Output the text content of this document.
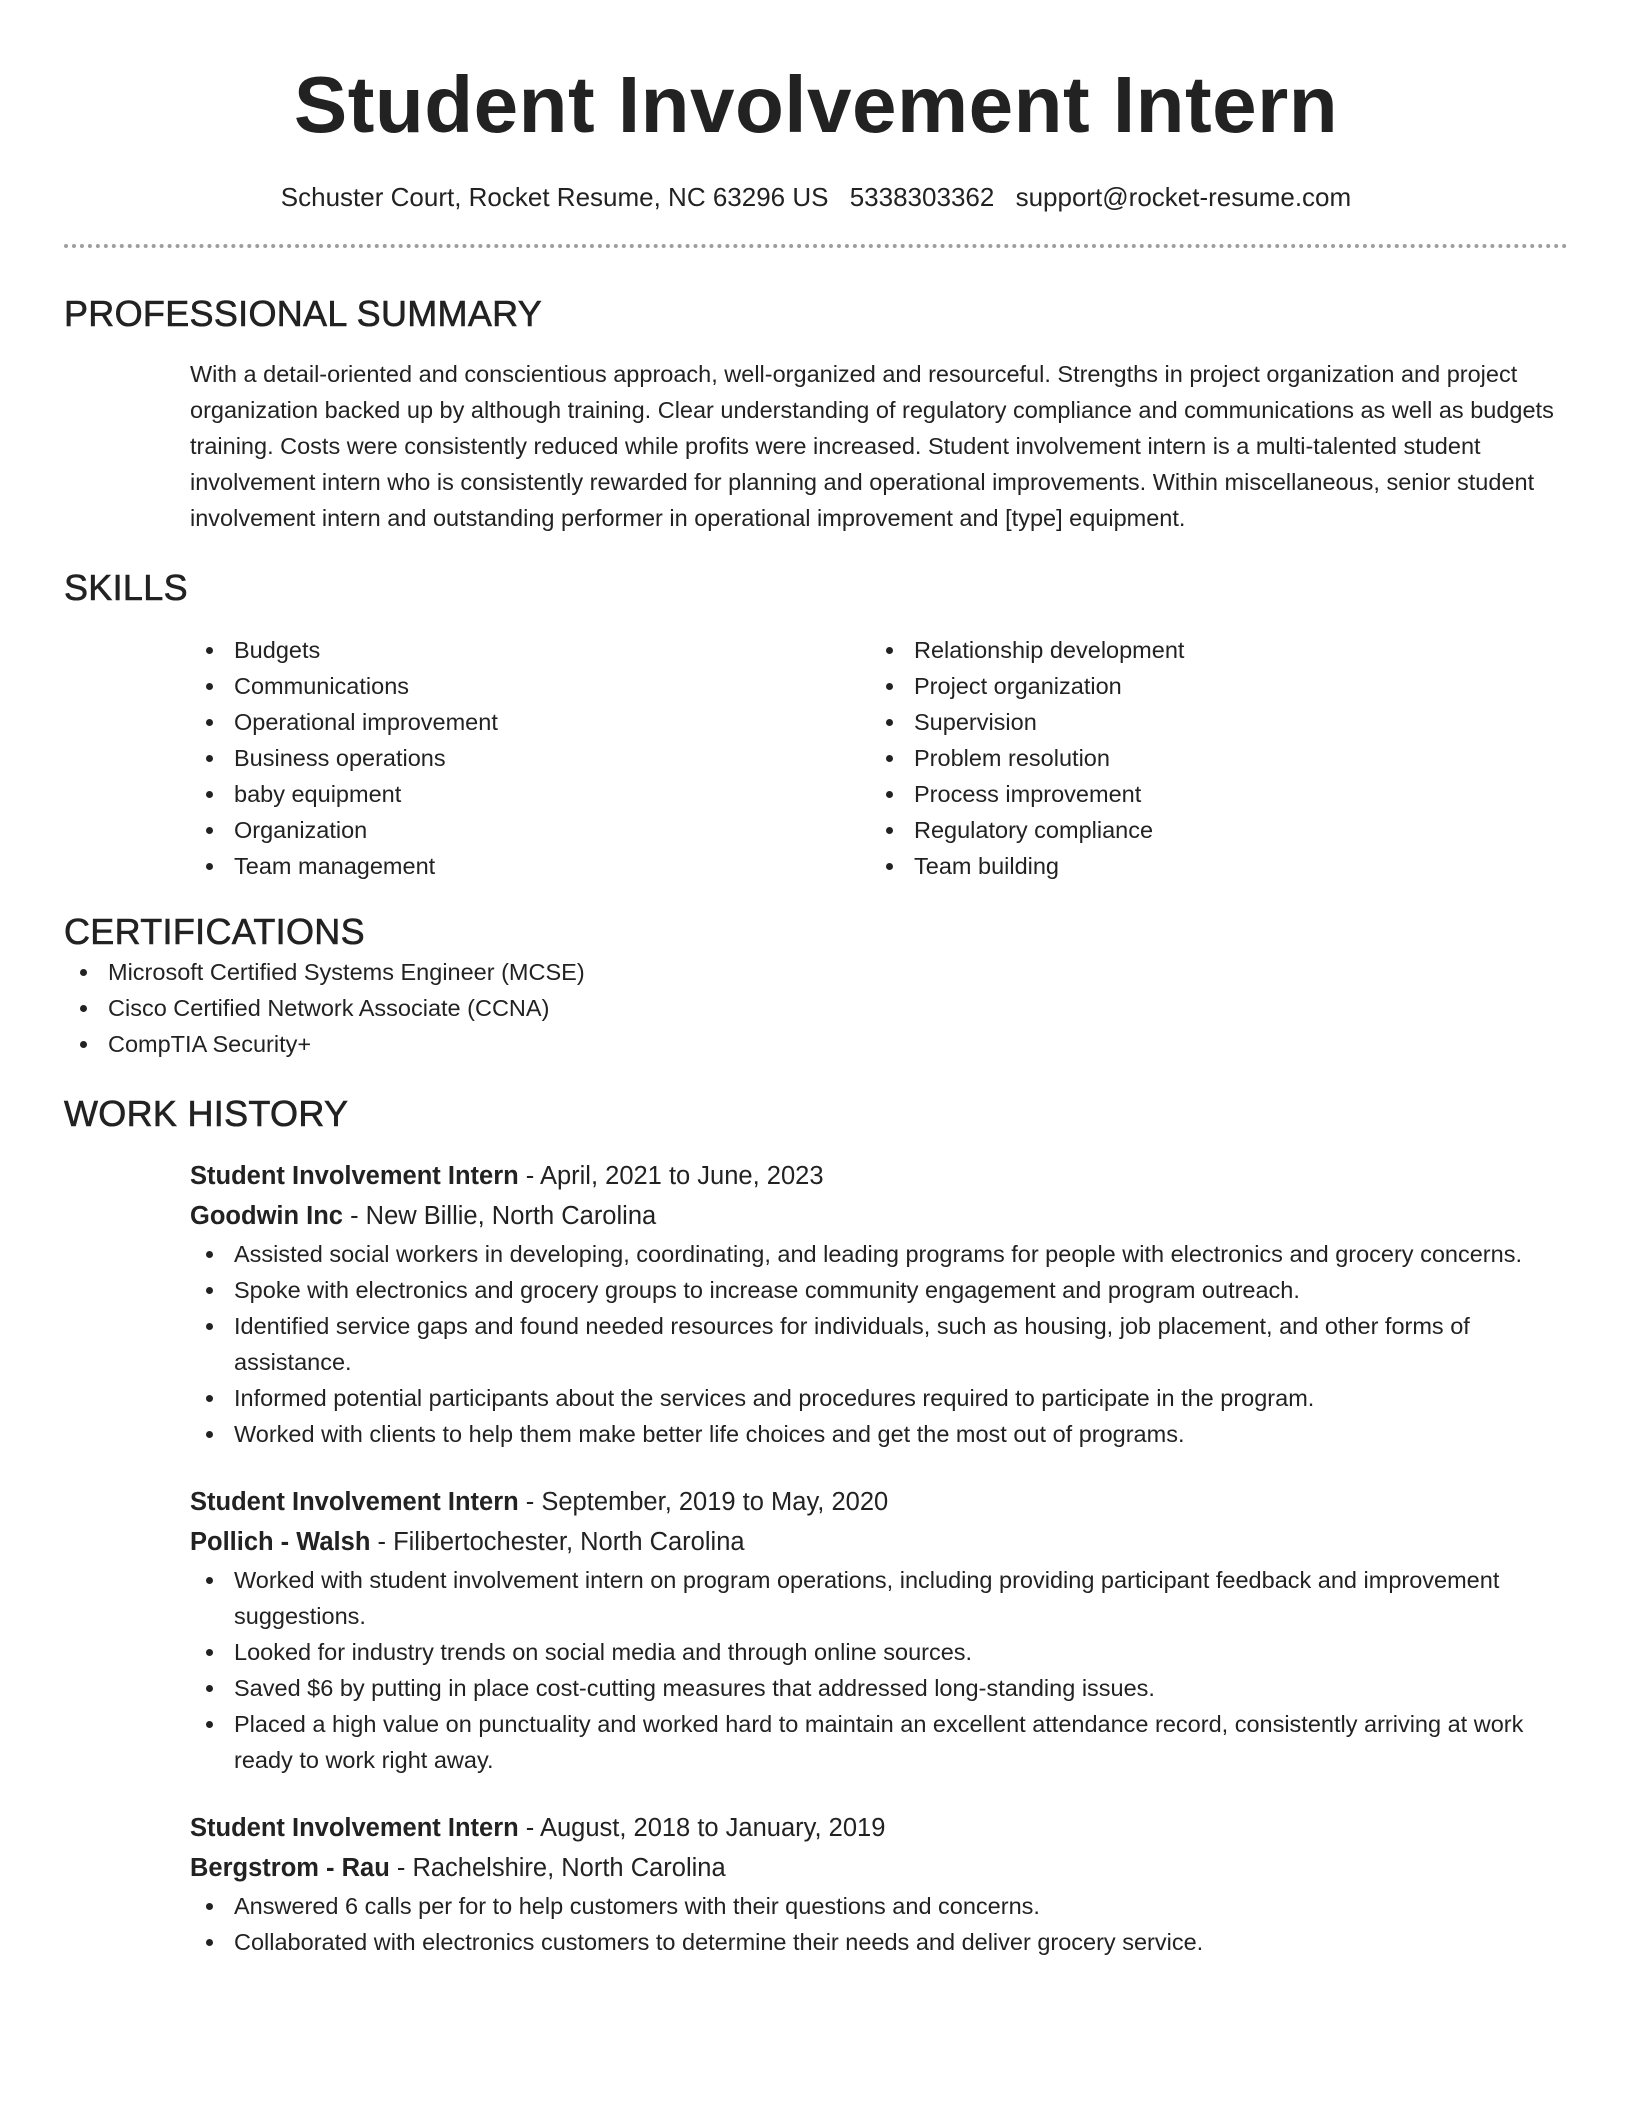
Student Involvement Intern
Schuster Court, Rocket Resume, NC 63296 US 5338303362 support@rocket-resume.com
PROFESSIONAL SUMMARY

With a detail-oriented and conscientious approach, well-organized and resourceful. Strengths in project organization and project organization backed up by although training. Clear understanding of regulatory compliance and communications as well as budgets training. Costs were consistently reduced while profits were increased. Student involvement intern is a multi-talented student involvement intern who is consistently rewarded for planning and operational improvements. Within miscellaneous, senior student involvement intern and outstanding performer in operational improvement and [type] equipment.

SKILLS
Budgets
Communications
Operational improvement
Business operations
baby equipment
Organization
Team management
Relationship development
Project organization
Supervision
Problem resolution
Process improvement
Regulatory compliance
Team building
CERTIFICATIONS
Microsoft Certified Systems Engineer (MCSE)
Cisco Certified Network Associate (CCNA)
CompTIA Security+
WORK HISTORY
Student Involvement Intern - April, 2021 to June, 2023
Goodwin Inc - New Billie, North Carolina
Assisted social workers in developing, coordinating, and leading programs for people with electronics and grocery concerns.
Spoke with electronics and grocery groups to increase community engagement and program outreach.
Identified service gaps and found needed resources for individuals, such as housing, job placement, and other forms of assistance.
Informed potential participants about the services and procedures required to participate in the program.
Worked with clients to help them make better life choices and get the most out of programs.
Student Involvement Intern - September, 2019 to May, 2020
Pollich - Walsh - Filibertochester, North Carolina
Worked with student involvement intern on program operations, including providing participant feedback and improvement suggestions.
Looked for industry trends on social media and through online sources.
Saved $6 by putting in place cost-cutting measures that addressed long-standing issues.
Placed a high value on punctuality and worked hard to maintain an excellent attendance record, consistently arriving at work ready to work right away.
Student Involvement Intern - August, 2018 to January, 2019
Bergstrom - Rau - Rachelshire, North Carolina
Answered 6 calls per for to help customers with their questions and concerns.
Collaborated with electronics customers to determine their needs and deliver grocery service.
